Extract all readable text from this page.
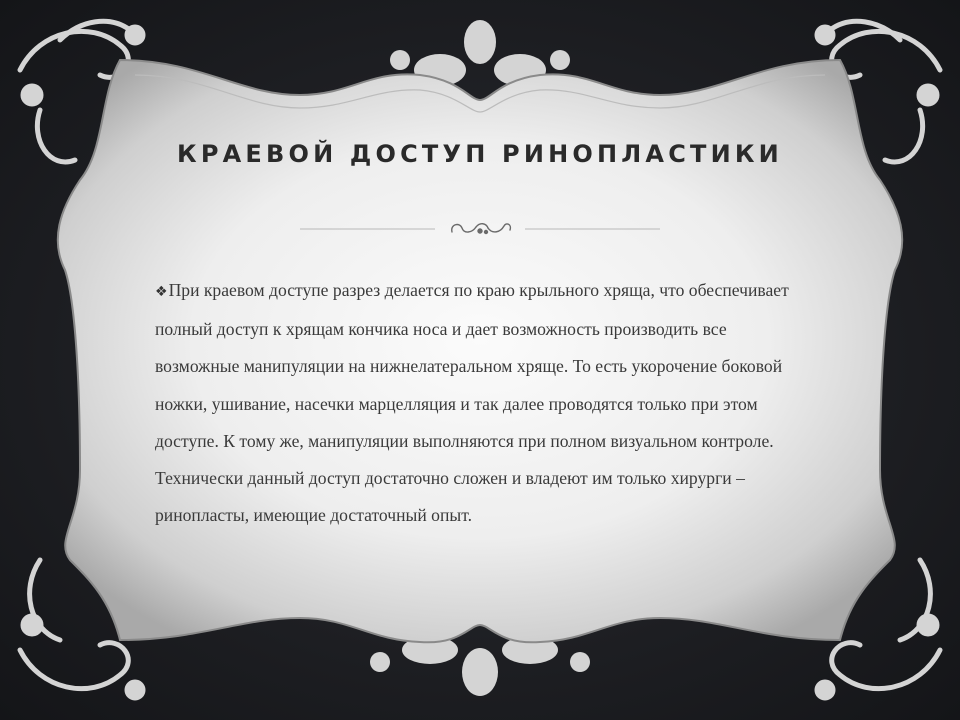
КРАЕВОЙ ДОСТУП РИНОПЛАСТИКИ

❖При краевом доступе разрез делается по краю крыльного хряща, что обеспечивает полный доступ к хрящам кончика носа и дает возможность производить все возможные манипуляции на нижнелатеральном хряще. То есть укорочение боковой ножки, ушивание, насечки марцелляция и так далее проводятся только при этом доступе. К тому же, манипуляции выполняются при полном визуальном контроле. Технически данный доступ достаточно сложен и владеют им только хирурги – ринопласты, имеющие достаточный опыт.
